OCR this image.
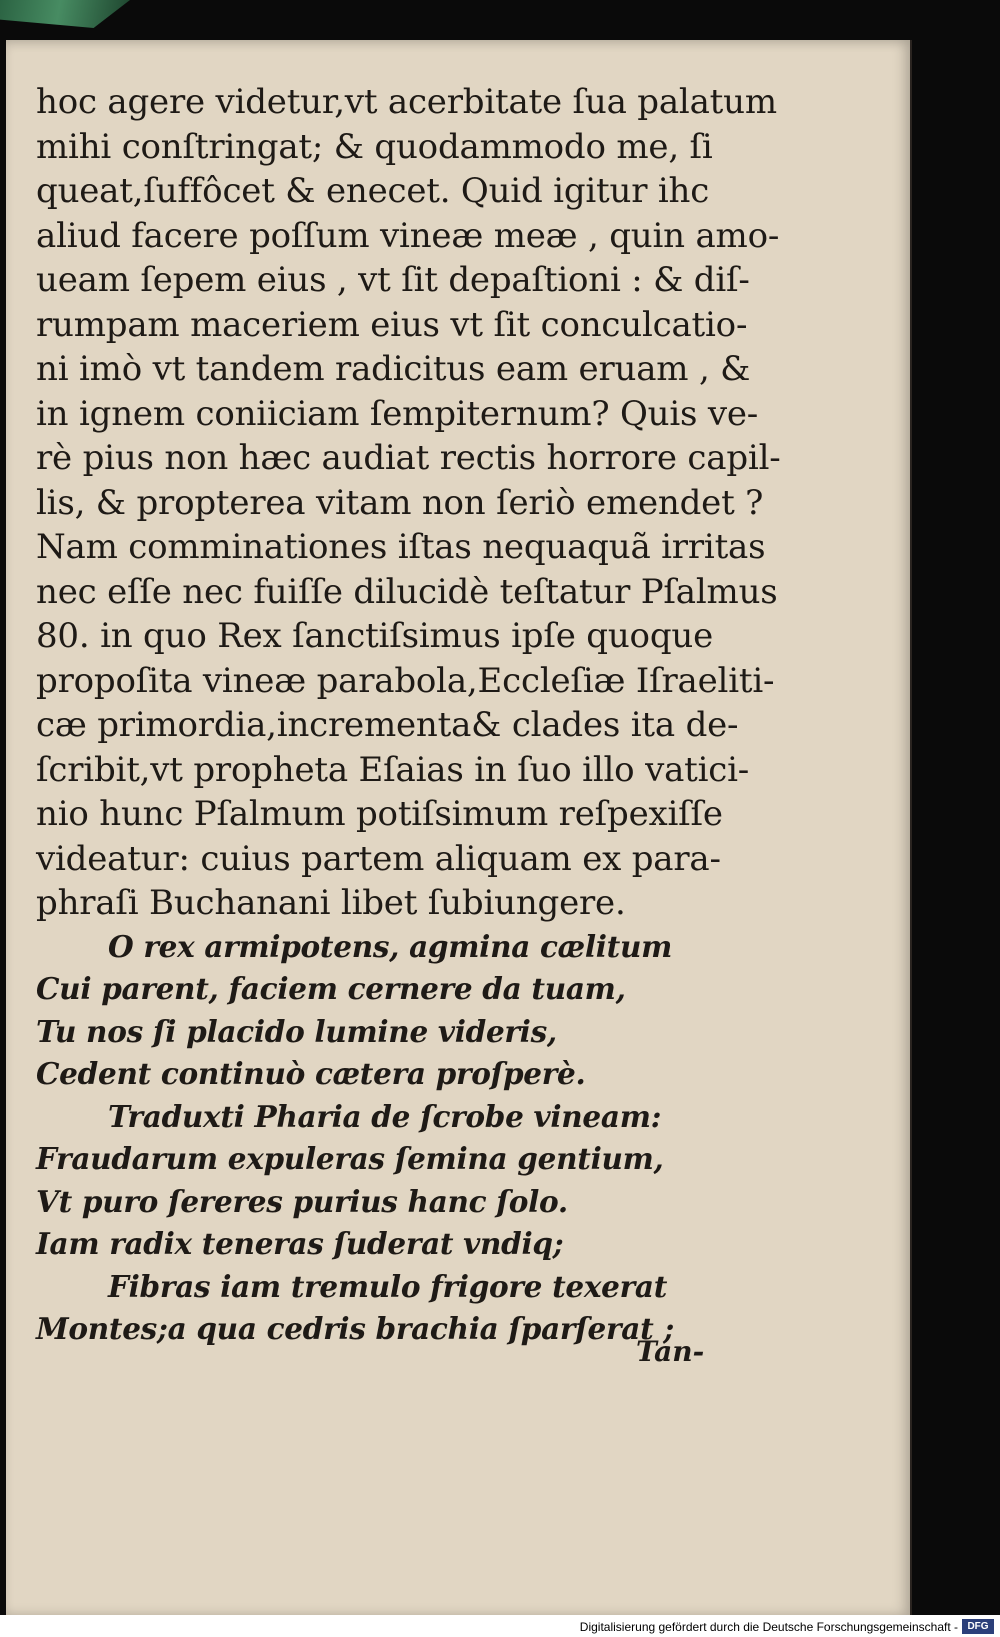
hoc agere videtur,vt acerbitate ſua palatum
mihi conſtringat; & quodammodo me, ſi
queat,ſuffôcet & enecet. Quid igitur ihc
aliud facere poſſum vineæ meæ , quin amo-
ueam ſepem eius , vt ſit depaſtioni : & diſ-
rumpam maceriem eius vt ſit conculcatio-
ni imò vt tandem radicitus eam eruam , &
in ignem coniiciam ſempiternum? Quis ve-
rè pius non hæc audiat rectis horrore capil-
lis, & propterea vitam non ſeriò emendet ?
Nam comminationes iſtas nequaquã irritas
nec eſſe nec fuiſſe dilucidè teſtatur Pſalmus
80. in quo Rex ſanctiſsimus ipſe quoque
propoſita vineæ parabola,Eccleſiæ Iſraeliti-
cæ primordia,incrementa& clades ita de-
ſcribit,vt propheta Eſaias in ſuo illo vatici-
nio hunc Pſalmum potiſsimum reſpexiſſe
videatur: cuius partem aliquam ex para-
phraſi Buchanani libet ſubiungere.
O rex armipotens, agmina cælitum
Cui parent, faciem cernere da tuam,
Tu nos ſi placido lumine videris,
Cedent continuò cætera proſperè.
Traduxti Pharia de ſcrobe vineam:
Fraudarum expuleras ſemina gentium,
Vt puro ſereres purius hanc ſolo.
Iam radix teneras ſuderat vndiq;
Fibras iam tremulo frigore texerat
Montes;a qua cedris brachia ſparſerat ;
Tan-
Digitalisierung gefördert durch die Deutsche Forschungsgemeinschaft - DFG
